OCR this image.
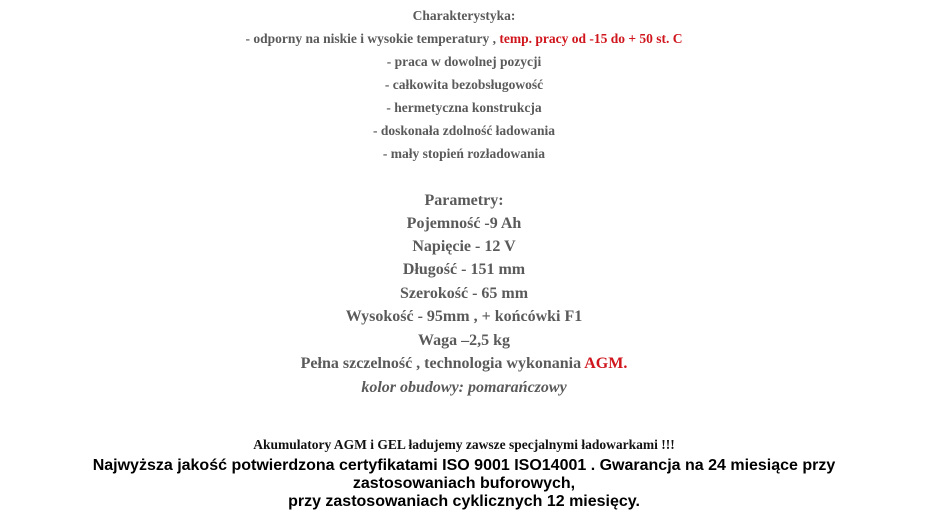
Charakterystyka:
- odporny na niskie i wysokie temperatury , temp. pracy od -15 do + 50 st. C
- praca w dowolnej pozycji
- całkowita bezobsługowość
- hermetyczna konstrukcja
- doskonała zdolność ładowania
- mały stopień rozładowania
Parametry:
Pojemność -9 Ah
Napięcie - 12 V
Długość - 151 mm
Szerokość - 65 mm
Wysokość - 95mm , + końcówki F1
Waga –2,5 kg
Pełna szczelność , technologia wykonania AGM.
kolor obudowy: pomarańczowy
Akumulatory AGM i GEL ładujemy zawsze specjalnymi ładowarkami !!!
Najwyższa jakość potwierdzona certyfikatami ISO 9001 ISO14001 . Gwarancja na 24 miesiące przy
zastosowaniach buforowych,
przy zastosowaniach cyklicznych 12 miesięcy.
